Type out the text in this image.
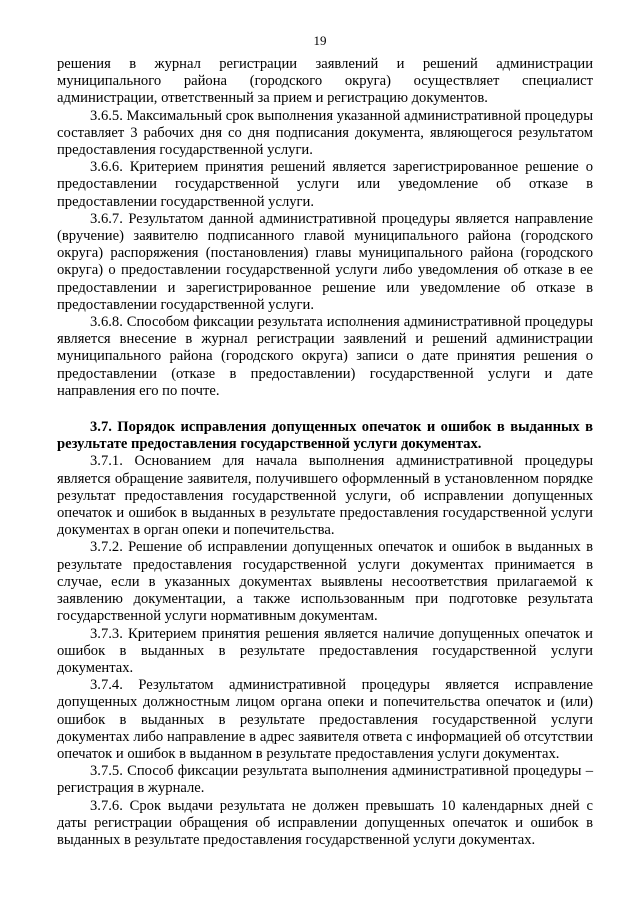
19

решения в журнал регистрации заявлений и решений администрации муниципального района (городского округа) осуществляет специалист администрации, ответственный за прием и регистрацию документов.

3.6.5. Максимальный срок выполнения указанной административной процедуры составляет 3 рабочих дня со дня подписания документа, являющегося результатом предоставления государственной услуги.

3.6.6. Критерием принятия решений является зарегистрированное решение о предоставлении государственной услуги или уведомление об отказе в предоставлении государственной услуги.

3.6.7. Результатом данной административной процедуры является направление (вручение) заявителю подписанного главой муниципального района (городского округа) распоряжения (постановления) главы муниципального района (городского округа) о предоставлении государственной услуги либо уведомления об отказе в ее предоставлении и зарегистрированное решение или уведомление об отказе в предоставлении государственной услуги.

3.6.8. Способом фиксации результата исполнения административной процедуры является внесение в журнал регистрации заявлений и решений администрации муниципального района (городского округа) записи о дате принятия решения о предоставлении (отказе в предоставлении) государственной услуги и дате направления его по почте.

3.7. Порядок исправления допущенных опечаток и ошибок в выданных в результате предоставления государственной услуги документах.

3.7.1. Основанием для начала выполнения административной процедуры является обращение заявителя, получившего оформленный в установленном порядке результат предоставления государственной услуги, об исправлении допущенных опечаток и ошибок в выданных в результате предоставления государственной услуги документах в орган опеки и попечительства.

3.7.2. Решение об исправлении допущенных опечаток и ошибок в выданных в результате предоставления государственной услуги документах принимается в случае, если в указанных документах выявлены несоответствия прилагаемой к заявлению документации, а также использованным при подготовке результата государственной услуги нормативным документам.

3.7.3. Критерием принятия решения является наличие допущенных опечаток и ошибок в выданных в результате предоставления государственной услуги документах.

3.7.4. Результатом административной процедуры является исправление допущенных должностным лицом органа опеки и попечительства опечаток и (или) ошибок в выданных в результате предоставления государственной услуги документах либо направление в адрес заявителя ответа с информацией об отсутствии опечаток и ошибок в выданном в результате предоставления услуги документах.

3.7.5. Способ фиксации результата выполнения административной процедуры – регистрация в журнале.

3.7.6. Срок выдачи результата не должен превышать 10 календарных дней с даты регистрации обращения об исправлении допущенных опечаток и ошибок в выданных в результате предоставления государственной услуги документах.
